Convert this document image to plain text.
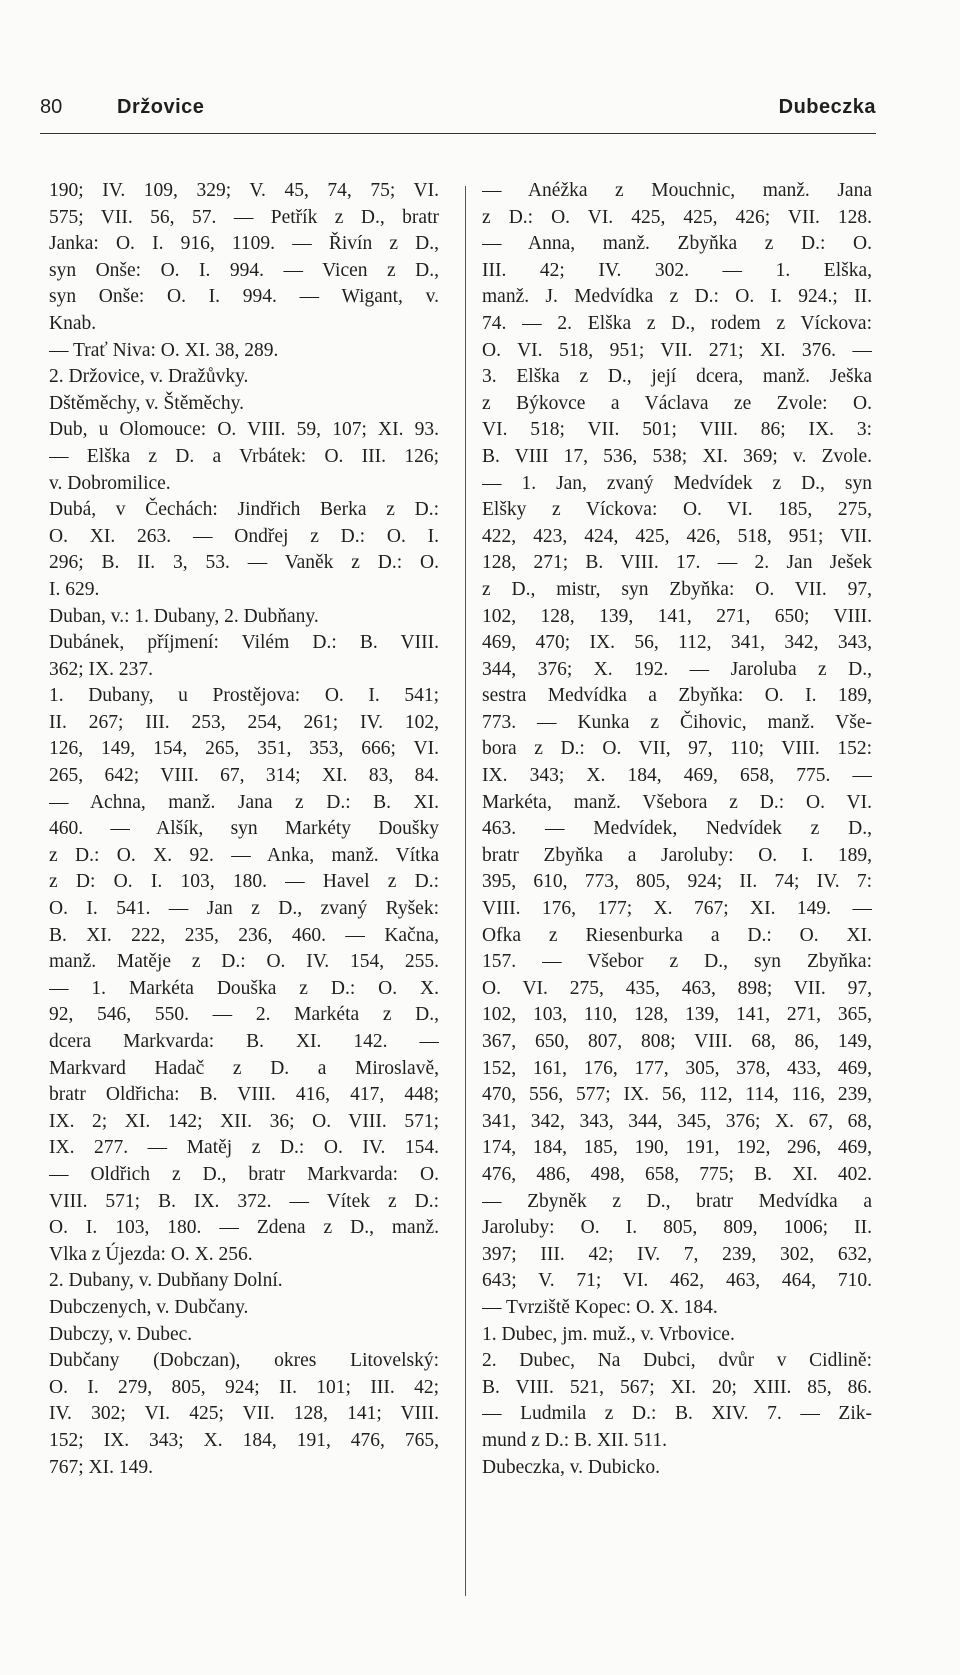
80	Držovice	Dubeczka
190; IV. 109, 329; V. 45, 74, 75; VI.
575; VII. 56, 57. — Petřík z D., bratr
Janka: O. I. 916, 1109. — Řivín z D.,
syn Onše: O. I. 994. — Vicen z D.,
syn Onše: O. I. 994. — Wigant, v.
Knab.
— Trať Niva: O. XI. 38, 289.
2. Držovice, v. Dražůvky.
Dštěměchy, v. Štěměchy.
Dub, u Olomouce: O. VIII. 59, 107; XI. 93.
— Elška z D. a Vrbátek: O. III. 126;
v. Dobromilice.
Dubá, v Čechách: Jindřich Berka z D.:
O. XI. 263. — Ondřej z D.: O. I.
296; B. II. 3, 53. — Vaněk z D.: O.
I. 629.
Duban, v.: 1. Dubany, 2. Dubňany.
Dubánek, příjmení: Vilém D.: B. VIII.
362; IX. 237.
1. Dubany, u Prostějova: O. I. 541;
II. 267; III. 253, 254, 261; IV. 102,
126, 149, 154, 265, 351, 353, 666; VI.
265, 642; VIII. 67, 314; XI. 83, 84.
— Achna, manž. Jana z D.: B. XI.
460. — Alšík, syn Markéty Doušky
z D.: O. X. 92. — Anka, manž. Vítka
z D: O. I. 103, 180. — Havel z D.:
O. I. 541. — Jan z D., zvaný Ryšek:
B. XI. 222, 235, 236, 460. — Kačna,
manž. Matěje z D.: O. IV. 154, 255.
— 1. Markéta Douška z D.: O. X.
92, 546, 550. — 2. Markéta z D.,
dcera Markvarda: B. XI. 142. —
Markvard Hadač z D. a Miroslavě,
bratr Oldřicha: B. VIII. 416, 417, 448;
IX. 2; XI. 142; XII. 36; O. VIII. 571;
IX. 277. — Matěj z D.: O. IV. 154.
— Oldřich z D., bratr Markvarda: O.
VIII. 571; B. IX. 372. — Vítek z D.:
O. I. 103, 180. — Zdena z D., manž.
Vlka z Újezda: O. X. 256.
2. Dubany, v. Dubňany Dolní.
Dubczenych, v. Dubčany.
Dubczy, v. Dubec.
Dubčany (Dobczan), okres Litovelský:
O. I. 279, 805, 924; II. 101; III. 42;
IV. 302; VI. 425; VII. 128, 141; VIII.
152; IX. 343; X. 184, 191, 476, 765,
767; XI. 149.
— Anéžka z Mouchnic, manž. Jana
z D.: O. VI. 425, 425, 426; VII. 128.
— Anna, manž. Zbyňka z D.: O.
III. 42; IV. 302. — 1. Elška,
manž. J. Medvídka z D.: O. I. 924.; II.
74. — 2. Elška z D., rodem z Víckova:
O. VI. 518, 951; VII. 271; XI. 376. —
3. Elška z D., její dcera, manž. Ješka
z Býkovce a Václava ze Zvole: O.
VI. 518; VII. 501; VIII. 86; IX. 3:
B. VIII 17, 536, 538; XI. 369; v. Zvole.
— 1. Jan, zvaný Medvídek z D., syn
Elšky z Víckova: O. VI. 185, 275,
422, 423, 424, 425, 426, 518, 951; VII.
128, 271; B. VIII. 17. — 2. Jan Ješek
z D., mistr, syn Zbyňka: O. VII. 97,
102, 128, 139, 141, 271, 650; VIII.
469, 470; IX. 56, 112, 341, 342, 343,
344, 376; X. 192. — Jaroluba z D.,
sestra Medvídka a Zbyňka: O. I. 189,
773. — Kunka z Čihovic, manž. Vše-
bora z D.: O. VII, 97, 110; VIII. 152:
IX. 343; X. 184, 469, 658, 775. —
Markéta, manž. Všebora z D.: O. VI.
463. — Medvídek, Nedvídek z D.,
bratr Zbyňka a Jaroluby: O. I. 189,
395, 610, 773, 805, 924; II. 74; IV. 7:
VIII. 176, 177; X. 767; XI. 149. —
Ofka z Riesenburka a D.: O. XI.
157. — Všebor z D., syn Zbyňka:
O. VI. 275, 435, 463, 898; VII. 97,
102, 103, 110, 128, 139, 141, 271, 365,
367, 650, 807, 808; VIII. 68, 86, 149,
152, 161, 176, 177, 305, 378, 433, 469,
470, 556, 577; IX. 56, 112, 114, 116, 239,
341, 342, 343, 344, 345, 376; X. 67, 68,
174, 184, 185, 190, 191, 192, 296, 469,
476, 486, 498, 658, 775; B. XI. 402.
— Zbyněk z D., bratr Medvídka a
Jaroluby: O. I. 805, 809, 1006; II.
397; III. 42; IV. 7, 239, 302, 632,
643; V. 71; VI. 462, 463, 464, 710.
— Tvrziště Kopec: O. X. 184.
1. Dubec, jm. muž., v. Vrbovice.
2. Dubec, Na Dubci, dvůr v Cidlině:
B. VIII. 521, 567; XI. 20; XIII. 85, 86.
— Ludmila z D.: B. XIV. 7. — Zik-
mund z D.: B. XII. 511.
Dubeczka, v. Dubicko.
